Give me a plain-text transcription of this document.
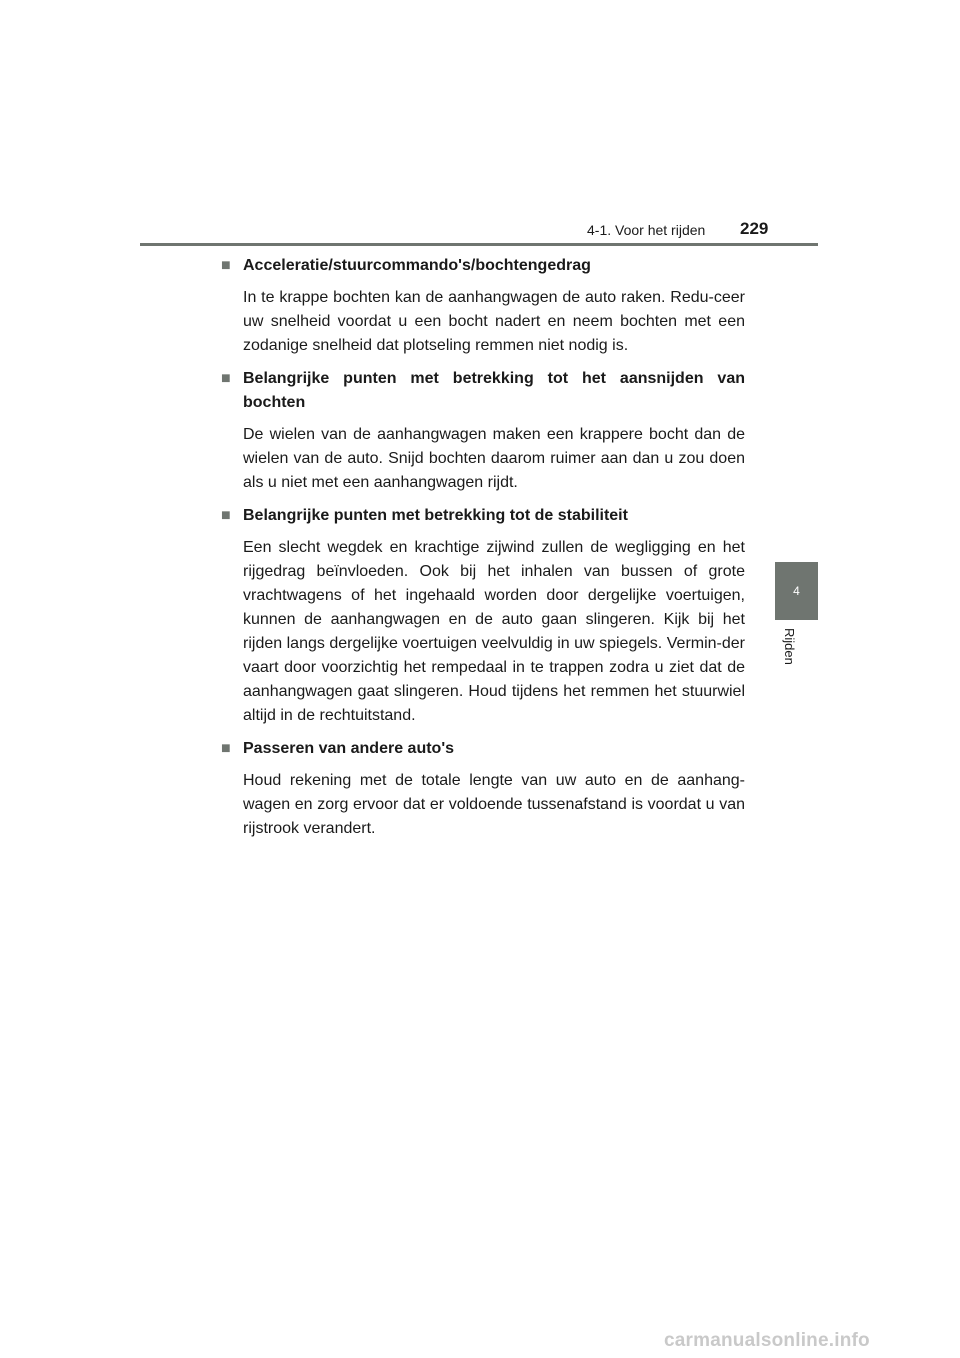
4-1. Voor het rijden 229
4
Rijden
■ Acceleratie/stuurcommando's/bochtengedrag
In te krappe bochten kan de aanhangwagen de auto raken. Redu-ceer uw snelheid voordat u een bocht nadert en neem bochten met een zodanige snelheid dat plotseling remmen niet nodig is.
■ Belangrijke punten met betrekking tot het aansnijden van bochten
De wielen van de aanhangwagen maken een krappere bocht dan de wielen van de auto. Snijd bochten daarom ruimer aan dan u zou doen als u niet met een aanhangwagen rijdt.
■ Belangrijke punten met betrekking tot de stabiliteit
Een slecht wegdek en krachtige zijwind zullen de wegligging en het rijgedrag beïnvloeden. Ook bij het inhalen van bussen of grote vrachtwagens of het ingehaald worden door dergelijke voertuigen, kunnen de aanhangwagen en de auto gaan slingeren. Kijk bij het rijden langs dergelijke voertuigen veelvuldig in uw spiegels. Vermin-der vaart door voorzichtig het rempedaal in te trappen zodra u ziet dat de aanhangwagen gaat slingeren. Houd tijdens het remmen het stuurwiel altijd in de rechtuitstand.
■ Passeren van andere auto's
Houd rekening met de totale lengte van uw auto en de aanhang-wagen en zorg ervoor dat er voldoende tussenafstand is voordat u van rijstrook verandert.
carmanualsonline.info
